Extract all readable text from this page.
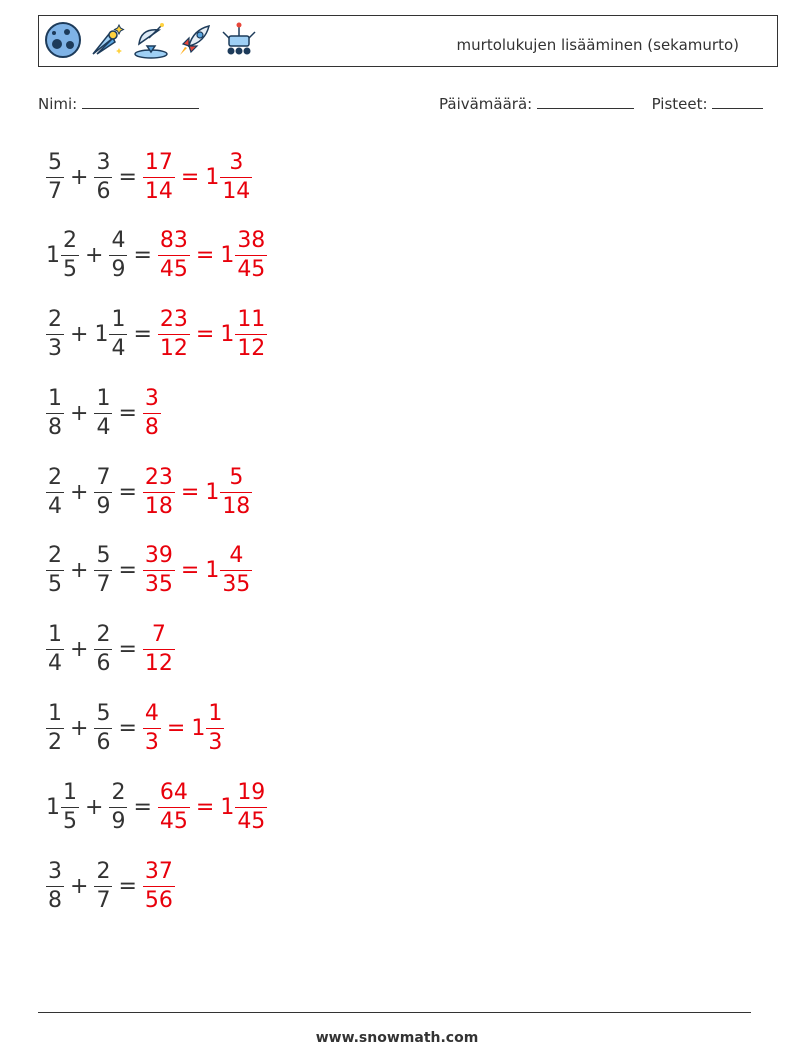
murtolukujen lisääminen (sekamurto)
Nimi:	Päivämäärä:	Pisteet:
$\frac{5}{7} + \frac{3}{6} = \frac{17}{14} = 1 \frac{3}{14}$
$1 \frac{2}{5} + \frac{4}{9} = \frac{83}{45} = 1 \frac{38}{45}$
$\frac{2}{3} + 1 \frac{1}{4} = \frac{23}{12} = 1 \frac{11}{12}$
$\frac{1}{8} + \frac{1}{4} = \frac{3}{8}$
$\frac{2}{4} + \frac{7}{9} = \frac{23}{18} = 1 \frac{5}{18}$
$\frac{2}{5} + \frac{5}{7} = \frac{39}{35} = 1 \frac{4}{35}$
$\frac{1}{4} + \frac{2}{6} = \frac{7}{12}$
$\frac{1}{2} + \frac{5}{6} = \frac{4}{3} = 1 \frac{1}{3}$
$1 \frac{1}{5} + \frac{2}{9} = \frac{64}{45} = 1 \frac{19}{45}$
$\frac{3}{8} + \frac{2}{7} = \frac{37}{56}$
www.snowmath.com
